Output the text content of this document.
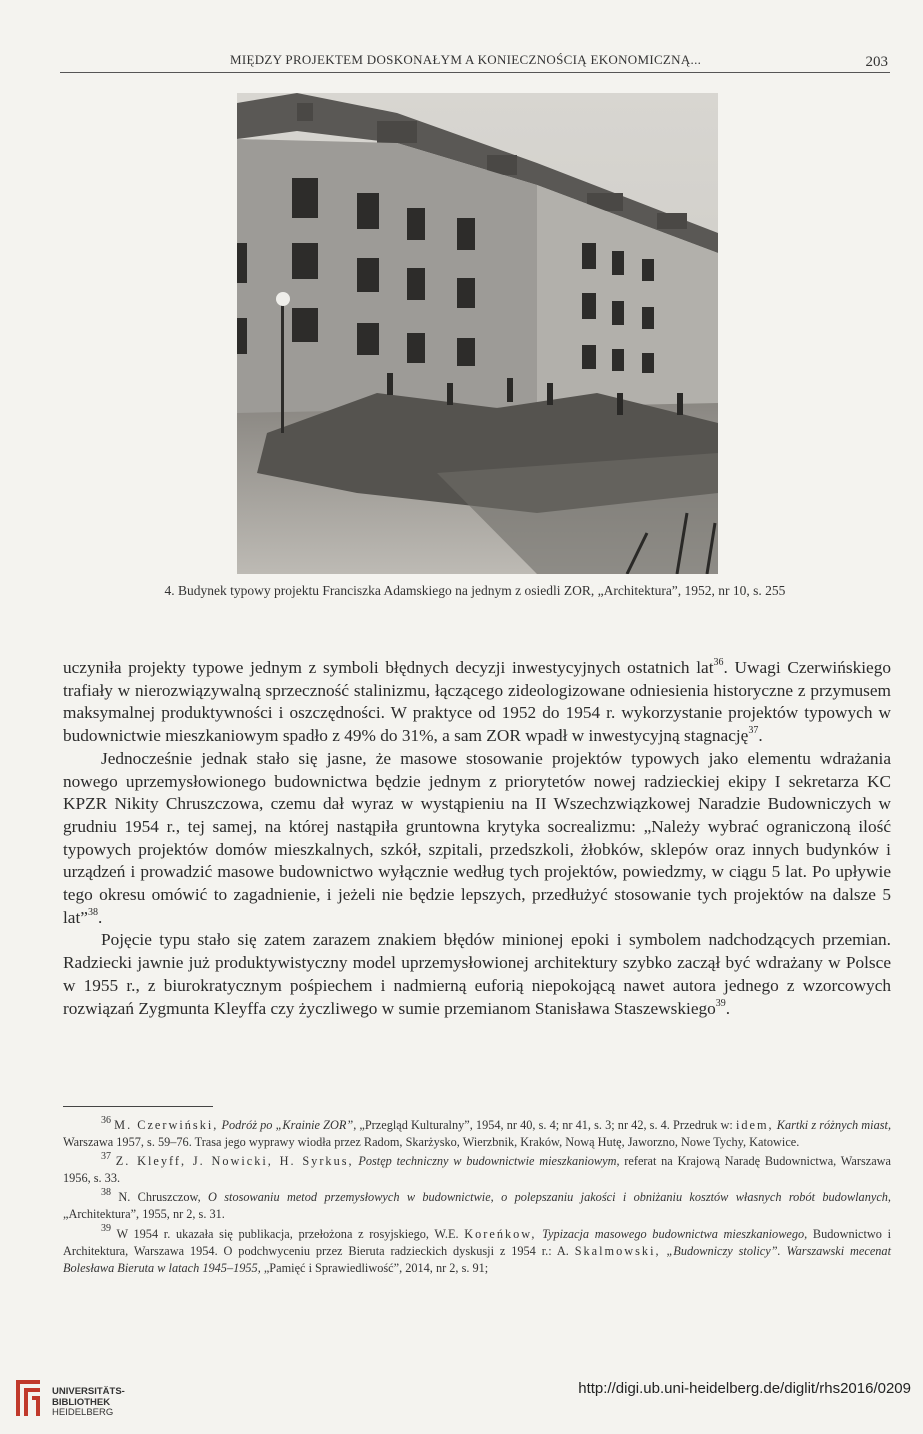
MIĘDZY PROJEKTEM DOSKONAŁYM A KONIECZNOŚCIĄ EKONOMICZNĄ...	203
4. Budynek typowy projektu Franciszka Adamskiego na jednym z osiedli ZOR, „Architektura”, 1952, nr 10, s. 255

uczyniła projekty typowe jednym z symboli błędnych decyzji inwestycyjnych ostatnich lat$^{36}$. Uwagi Czerwińskiego trafiały w nierozwiązywalną sprzeczność stalinizmu, łączącego zideologizowane odniesienia historyczne z przymusem maksymalnej produktywności i oszczędności. W praktyce od 1952 do 1954 r. wykorzystanie projektów typowych w budownictwie mieszkaniowym spadło z 49% do 31%, a sam ZOR wpadł w inwestycyjną stagnację$^{37}$.

Jednocześnie jednak stało się jasne, że masowe stosowanie projektów typowych jako elementu wdrażania nowego uprzemysłowionego budownictwa będzie jednym z priorytetów nowej radzieckiej ekipy I sekretarza KC KPZR Nikity Chruszczowa, czemu dał wyraz w wystąpieniu na II Wszechzwiązkowej Naradzie Budowniczych w grudniu 1954 r., tej samej, na której nastąpiła gruntowna krytyka socrealizmu: „Należy wybrać ograniczoną ilość typowych projektów domów mieszkalnych, szkół, szpitali, przedszkoli, żłobków, sklepów oraz innych budynków i urządzeń i prowadzić masowe budownictwo wyłącznie według tych projektów, powiedzmy, w ciągu 5 lat. Po upływie tego okresu omówić to zagadnienie, i jeżeli nie będzie lepszych, przedłużyć stosowanie tych projektów na dalsze 5 lat”$^{38}$.

Pojęcie typu stało się zatem zarazem znakiem błędów minionej epoki i symbolem nadchodzących przemian. Radziecki jawnie już produktywistyczny model uprzemysłowionej architektury szybko zaczął być wdrażany w Polsce w 1955 r., z biurokratycznym pośpiechem i nadmierną euforią niepokojącą nawet autora jednego z wzorcowych rozwiązań Zygmunta Kleyffa czy życzliwego w sumie przemianom Stanisława Staszewskiego$^{39}$.

$^{36}$ M. Czerwiński, Podróż po „Krainie ZOR”, „Przegląd Kulturalny”, 1954, nr 40, s. 4; nr 41, s. 3; nr 42, s. 4. Przedruk w: idem, Kartki z różnych miast, Warszawa 1957, s. 59–76. Trasa jego wyprawy wiodła przez Radom, Skarżysko, Wierzbnik, Kraków, Nową Hutę, Jaworzno, Nowe Tychy, Katowice.

$^{37}$ Z. Kleyff, J. Nowicki, H. Syrkus, Postęp techniczny w budownictwie mieszkaniowym, referat na Krajową Naradę Budownictwa, Warszawa 1956, s. 33.

$^{38}$ N. Chruszczow, O stosowaniu metod przemysłowych w budownictwie, o polepszaniu jakości i obniżaniu kosztów własnych robót budowlanych, „Architektura”, 1955, nr 2, s. 31.

$^{39}$ W 1954 r. ukazała się publikacja, przełożona z rosyjskiego, W.E. Koreńkow, Typizacja masowego budownictwa mieszkaniowego, Budownictwo i Architektura, Warszawa 1954. O podchwyceniu przez Bieruta radzieckich dyskusji z 1954 r.: A. Skalmowski, „Budowniczy stolicy”. Warszawski mecenat Bolesława Bieruta w latach 1945–1955, „Pamięć i Sprawiedliwość”, 2014, nr 2, s. 91;

UNIVERSITÄTS-
BIBLIOTHEK
HEIDELBERG
http://digi.ub.uni-heidelberg.de/diglit/rhs2016/0209
